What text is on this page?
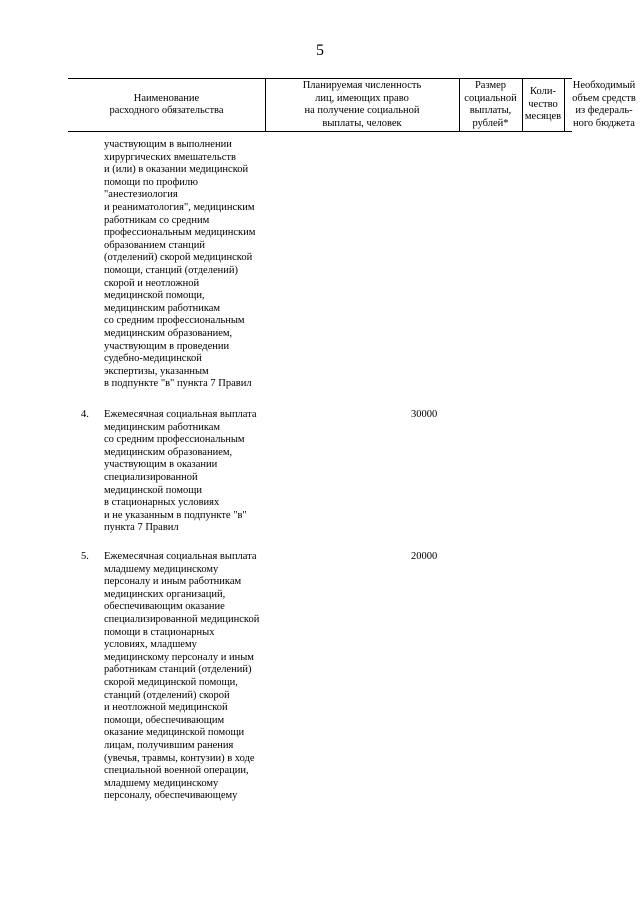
5
Наименование
расходного обязательства
Планируемая численность
лиц, имеющих право
на получение социальной
выплаты, человек
Размер
социальной
выплаты,
рублей*
Коли-
чество
месяцев
Необходимый
объем средств
из федераль-
ного бюджета
участвующим в выполнении
хирургических вмешательств
и (или) в оказании медицинской
помощи по профилю
"анестезиология
и реаниматология", медицинским
работникам со средним
профессиональным медицинским
образованием станций
(отделений) скорой медицинской
помощи, станций (отделений)
скорой и неотложной
медицинской помощи,
медицинским работникам
со средним профессиональным
медицинским образованием,
участвующим в проведении
судебно-медицинской
экспертизы, указанным
в подпункте "в" пункта 7 Правил
4. Ежемесячная социальная выплата
медицинским работникам
со средним профессиональным
медицинским образованием,
участвующим в оказании
специализированной
медицинской помощи
в стационарных условиях
и не указанным в подпункте "в"
пункта 7 Правил
30000
5. Ежемесячная социальная выплата
младшему медицинскому
персоналу и иным работникам
медицинских организаций,
обеспечивающим оказание
специализированной медицинской
помощи в стационарных
условиях, младшему
медицинскому персоналу и иным
работникам станций (отделений)
скорой медицинской помощи,
станций (отделений) скорой
и неотложной медицинской
помощи, обеспечивающим
оказание медицинской помощи
лицам, получившим ранения
(увечья, травмы, контузии) в ходе
специальной военной операции,
младшему медицинскому
персоналу, обеспечивающему
20000
